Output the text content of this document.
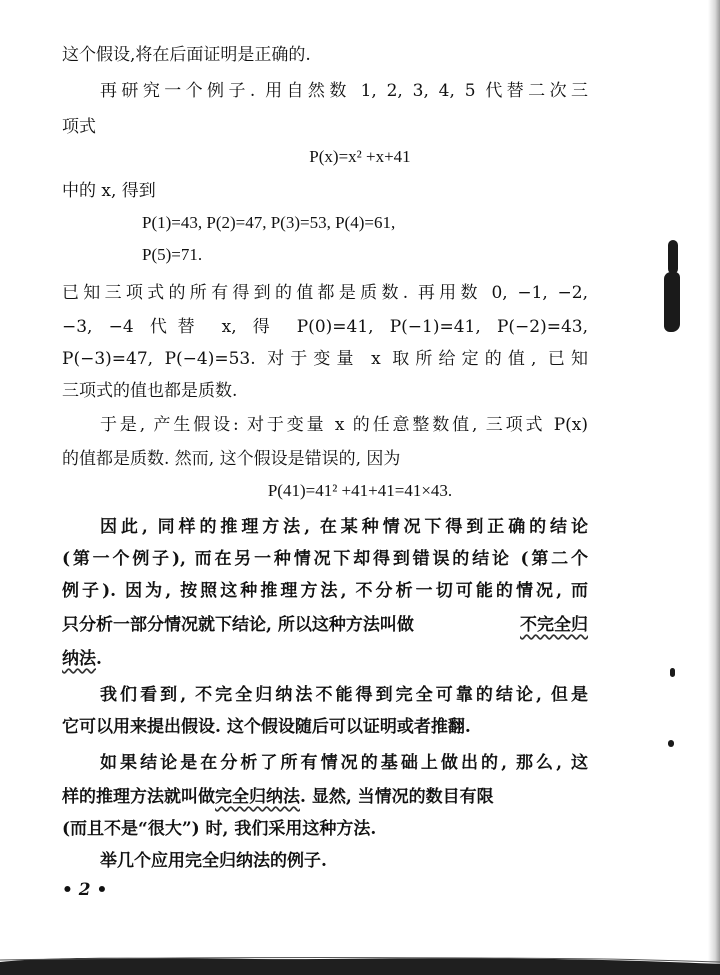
这个假设,将在后面证明是正确的.
再研究一个例子. 用自然数 1, 2, 3, 4, 5 代替二次三
项式
P(x)=x² +x+41
中的 x, 得到
P(1)=43, P(2)=47, P(3)=53, P(4)=61,
P(5)=71.
已知三项式的所有得到的值都是质数. 再用数 0, −1, −2,
−3, −4 代替 x, 得 P(0)=41, P(−1)=41, P(−2)=43,
P(−3)=47, P(−4)=53. 对于变量 x 取所给定的值, 已知
三项式的值也都是质数.
于是, 产生假设: 对于变量 x 的任意整数值, 三项式 P(x)
的值都是质数. 然而, 这个假设是错误的, 因为
P(41)=41² +41+41=41×43.
因此, 同样的推理方法, 在某种情况下得到正确的结论
(第一个例子), 而在另一种情况下却得到错误的结论 (第二个
例子). 因为, 按照这种推理方法, 不分析一切可能的情况, 而
只分析一部分情况就下结论, 所以这种方法叫做	不完全归
纳法.
我们看到, 不完全归纳法不能得到完全可靠的结论, 但是
它可以用来提出假设. 这个假设随后可以证明或者推翻.
如果结论是在分析了所有情况的基础上做出的, 那么, 这
样的推理方法就叫做完全归纳法. 显然, 当情况的数目有限
(而且不是“很大”) 时, 我们采用这种方法.
举几个应用完全归纳法的例子.
• 2 •
